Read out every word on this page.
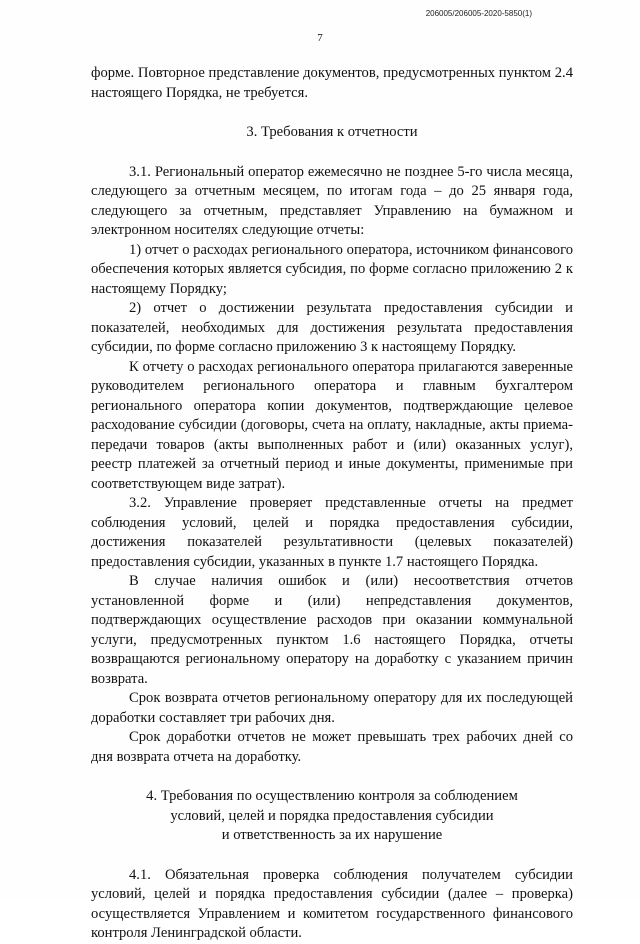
206005/206005-2020-5850(1)
7

форме. Повторное представление документов, предусмотренных пунктом 2.4 настоящего Порядка, не требуется.

3. Требования к отчетности

3.1. Региональный оператор ежемесячно не позднее 5-го числа месяца, следующего за отчетным месяцем, по итогам года – до 25 января года, следующего за отчетным, представляет Управлению на бумажном и электронном носителях следующие отчеты:

1) отчет о расходах регионального оператора, источником финансового обеспечения которых является субсидия, по форме согласно приложению 2 к настоящему Порядку;

2) отчет о достижении результата предоставления субсидии и показателей, необходимых для достижения результата предоставления субсидии, по форме согласно приложению 3 к настоящему Порядку.

К отчету о расходах регионального оператора прилагаются заверенные руководителем регионального оператора и главным бухгалтером регионального оператора копии документов, подтверждающие целевое расходование субсидии (договоры, счета на оплату, накладные, акты приема-передачи товаров (акты выполненных работ и (или) оказанных услуг), реестр платежей за отчетный период и иные документы, применимые при соответствующем виде затрат).

3.2. Управление проверяет представленные отчеты на предмет соблюдения условий, целей и порядка предоставления субсидии, достижения показателей результативности (целевых показателей) предоставления субсидии, указанных в пункте 1.7 настоящего Порядка.

В случае наличия ошибок и (или) несоответствия отчетов установленной форме и (или) непредставления документов, подтверждающих осуществление расходов при оказании коммунальной услуги, предусмотренных пунктом 1.6 настоящего Порядка, отчеты возвращаются региональному оператору на доработку с указанием причин возврата.

Срок возврата отчетов региональному оператору для их последующей доработки составляет три рабочих дня.

Срок доработки отчетов не может превышать трех рабочих дней со дня возврата отчета на доработку.

4. Требования по осуществлению контроля за соблюдением

условий, целей и порядка предоставления субсидии

и ответственность за их нарушение

4.1. Обязательная проверка соблюдения получателем субсидии условий, целей и порядка предоставления субсидии (далее – проверка) осуществляется Управлением и комитетом государственного финансового контроля Ленинградской области.
